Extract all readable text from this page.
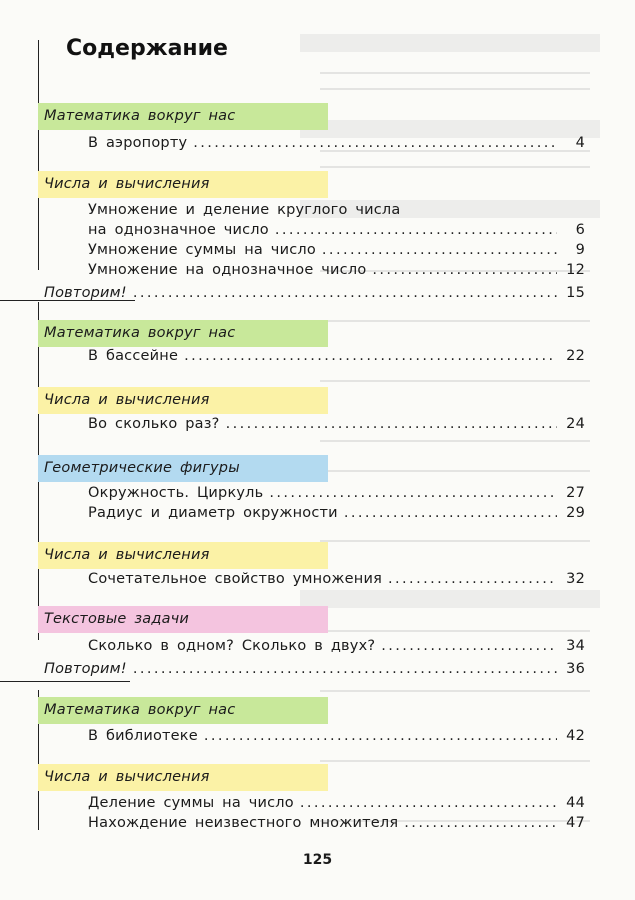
Содержание
Математика вокруг нас
В аэропорту .....	4
Числа и вычисления
Умножение и деление круглого числа
на однозначное число .....	6
Умножение суммы на число .....	9
Умножение на однозначное число .....	12
Повторим! .....	15
Математика вокруг нас
В бассейне .....	22
Числа и вычисления
Во сколько раз? .....	24
Геометрические фигуры
Окружность. Циркуль .....	27
Радиус и диаметр окружности .....	29
Числа и вычисления
Сочетательное свойство умножения .....	32
Текстовые задачи
Сколько в одном? Сколько в двух? .....	34
Повторим! .....	36
Математика вокруг нас
В библиотеке .....	42
Числа и вычисления
Деление суммы на число .....	44
Нахождение неизвестного множителя .....	47
125
